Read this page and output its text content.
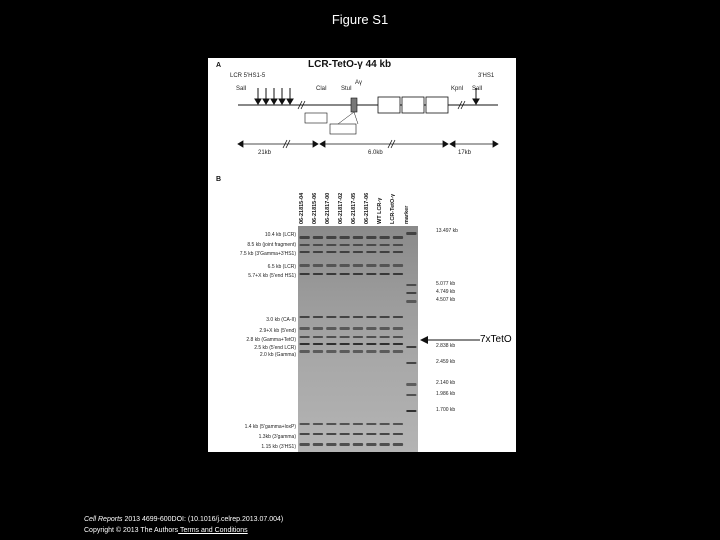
Figure S1
A	LCR-TetO-γ 44 kb
LCR 5'HS1-5
Aγ
3'HS1
SalI	ClaI StuI	KpnI SalI
21kb	6.0kb	17kb
B
06-21815-04	06-21815-06	06-21817-00	06-21817-02	06-21817-05	06-21817-06	WT LCR-γ	LCR-TetO-γ	marker
10.4 kb (LCR)
8.5 kb (joint fragment)
7.5 kb (3'Gamma+3'HS1)
6.5 kb (LCR)
5.7+X kb (5'end HS1)
3.0 kb (CA-II)
2.9+X kb (5'end)
2.8 kb (Gamma+TetO)
2.5 kb (5'end LCR)
2.0 kb (Gamma)
1.4 kb (5'gamma+loxP)
1.3kb (3'gamma)
1.15 kb (3'HS1)
13.497 kb
5.077 kb
4.749 kb
4.507 kb
2.838 kb
2.459 kb
2.140 kb
1.986 kb
1.700 kb
7xTetO
Cell Reports 2013 4699-600DOI: (10.1016/j.celrep.2013.07.004)
Copyright © 2013 The Authors Terms and Conditions
